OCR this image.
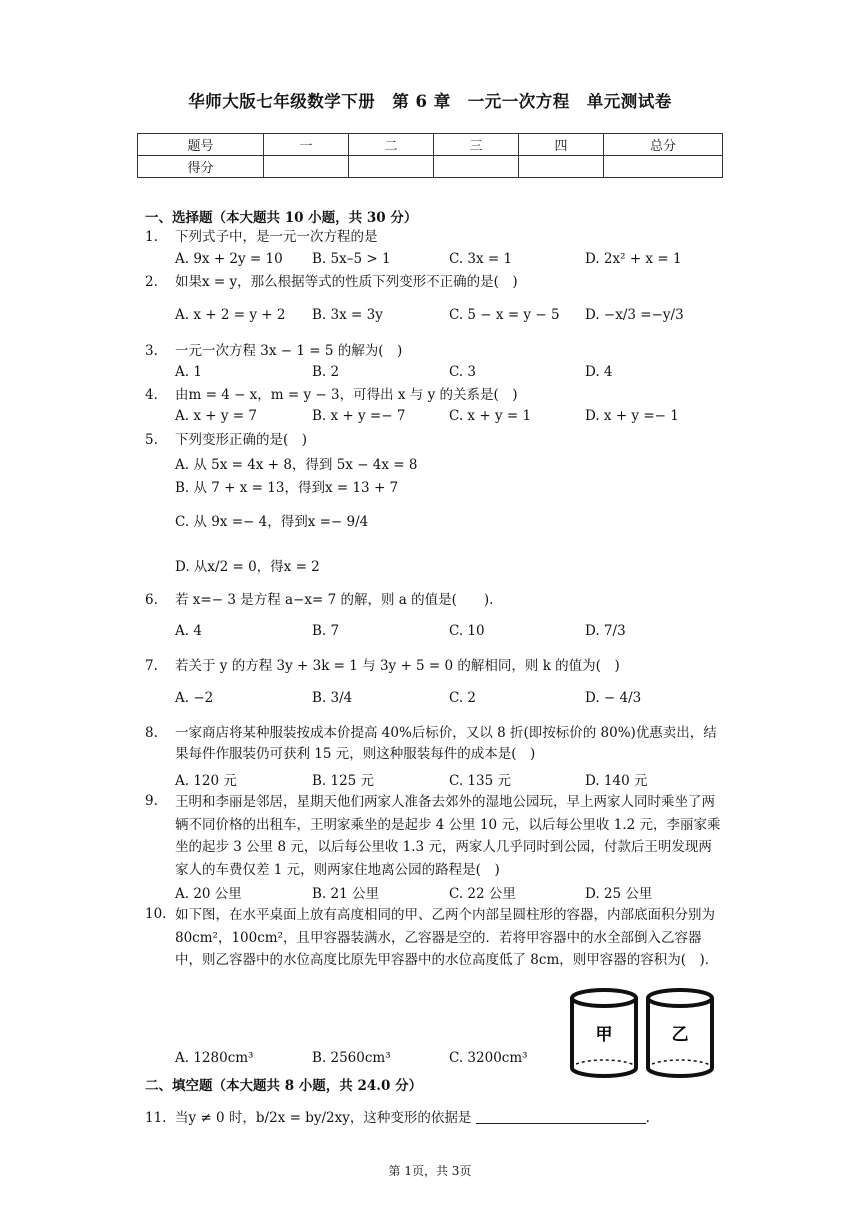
华师大版七年级数学下册　第 6 章　一元一次方程　单元测试卷
题号	一	二	三	四	总分
得分					
一、选择题（本大题共 10 小题，共 30 分）
1.	下列式子中，是一元一次方程的是
A. 9x + 2y = 10 B. 5x–5 > 1	C. 3x = 1	D. 2x² + x = 1
2.	如果x = y，那么根据等式的性质下列变形不正确的是(　)
A. x + 2 = y + 2 B. 3x = 3y	C. 5 − x = y − 5 D. −x/3 =−y/3
3.	一元一次方程 3x − 1 = 5 的解为(　)
A. 1	B. 2	C. 3	D. 4
4.	由m = 4 − x，m = y − 3，可得出 x 与 y 的关系是(　)
A. x + y = 7	B. x + y =− 7	C. x + y = 1	D. x + y =− 1
5.	下列变形正确的是(　)
A. 从 5x = 4x + 8，得到 5x − 4x = 8
B. 从 7 + x = 13，得到x = 13 + 7
C. 从 9x =− 4，得到x =− 9/4
D. 从x/2 = 0，得x = 2
6.	若 x=− 3 是方程 a−x= 7 的解，则 a 的值是(　　).
A. 4	B. 7	C. 10	D. 7/3
7.	若关于 y 的方程 3y + 3k = 1 与 3y + 5 = 0 的解相同，则 k 的值为(　)
A. −2	B. 3/4	C. 2	D. − 4/3
8.	一家商店将某种服装按成本价提高 40%后标价，又以 8 折(即按标价的 80%)优惠卖出，结果每件作服装仍可获利 15 元，则这种服装每件的成本是(　)
A. 120 元	B. 125 元	C. 135 元	D. 140 元
9.	王明和李丽是邻居，星期天他们两家人准备去郊外的湿地公园玩，早上两家人同时乘坐了两辆不同价格的出租车，王明家乘坐的是起步 4 公里 10 元，以后每公里收 1.2 元，李丽家乘坐的起步 3 公里 8 元，以后每公里收 1.3 元，两家人几乎同时到公园，付款后王明发现两家人的车费仅差 1 元，则两家住地离公园的路程是(　)
A. 20 公里	B. 21 公里	C. 22 公里	D. 25 公里
10. 如下图，在水平桌面上放有高度相同的甲、乙两个内部呈圆柱形的容器，内部底面积分别为 80cm²，100cm²，且甲容器装满水，乙容器是空的．若将甲容器中的水全部倒入乙容器中，则乙容器中的水位高度比原先甲容器中的水位高度低了 8cm，则甲容器的容积为(　)．
A. 1280cm³	B. 2560cm³	C. 3200cm³
甲	乙
二、填空题（本大题共 8 小题，共 24.0 分）
11. 当y ≠ 0 时，b/2x = by/2xy，这种变形的依据是	.
第 1页，共 3页
